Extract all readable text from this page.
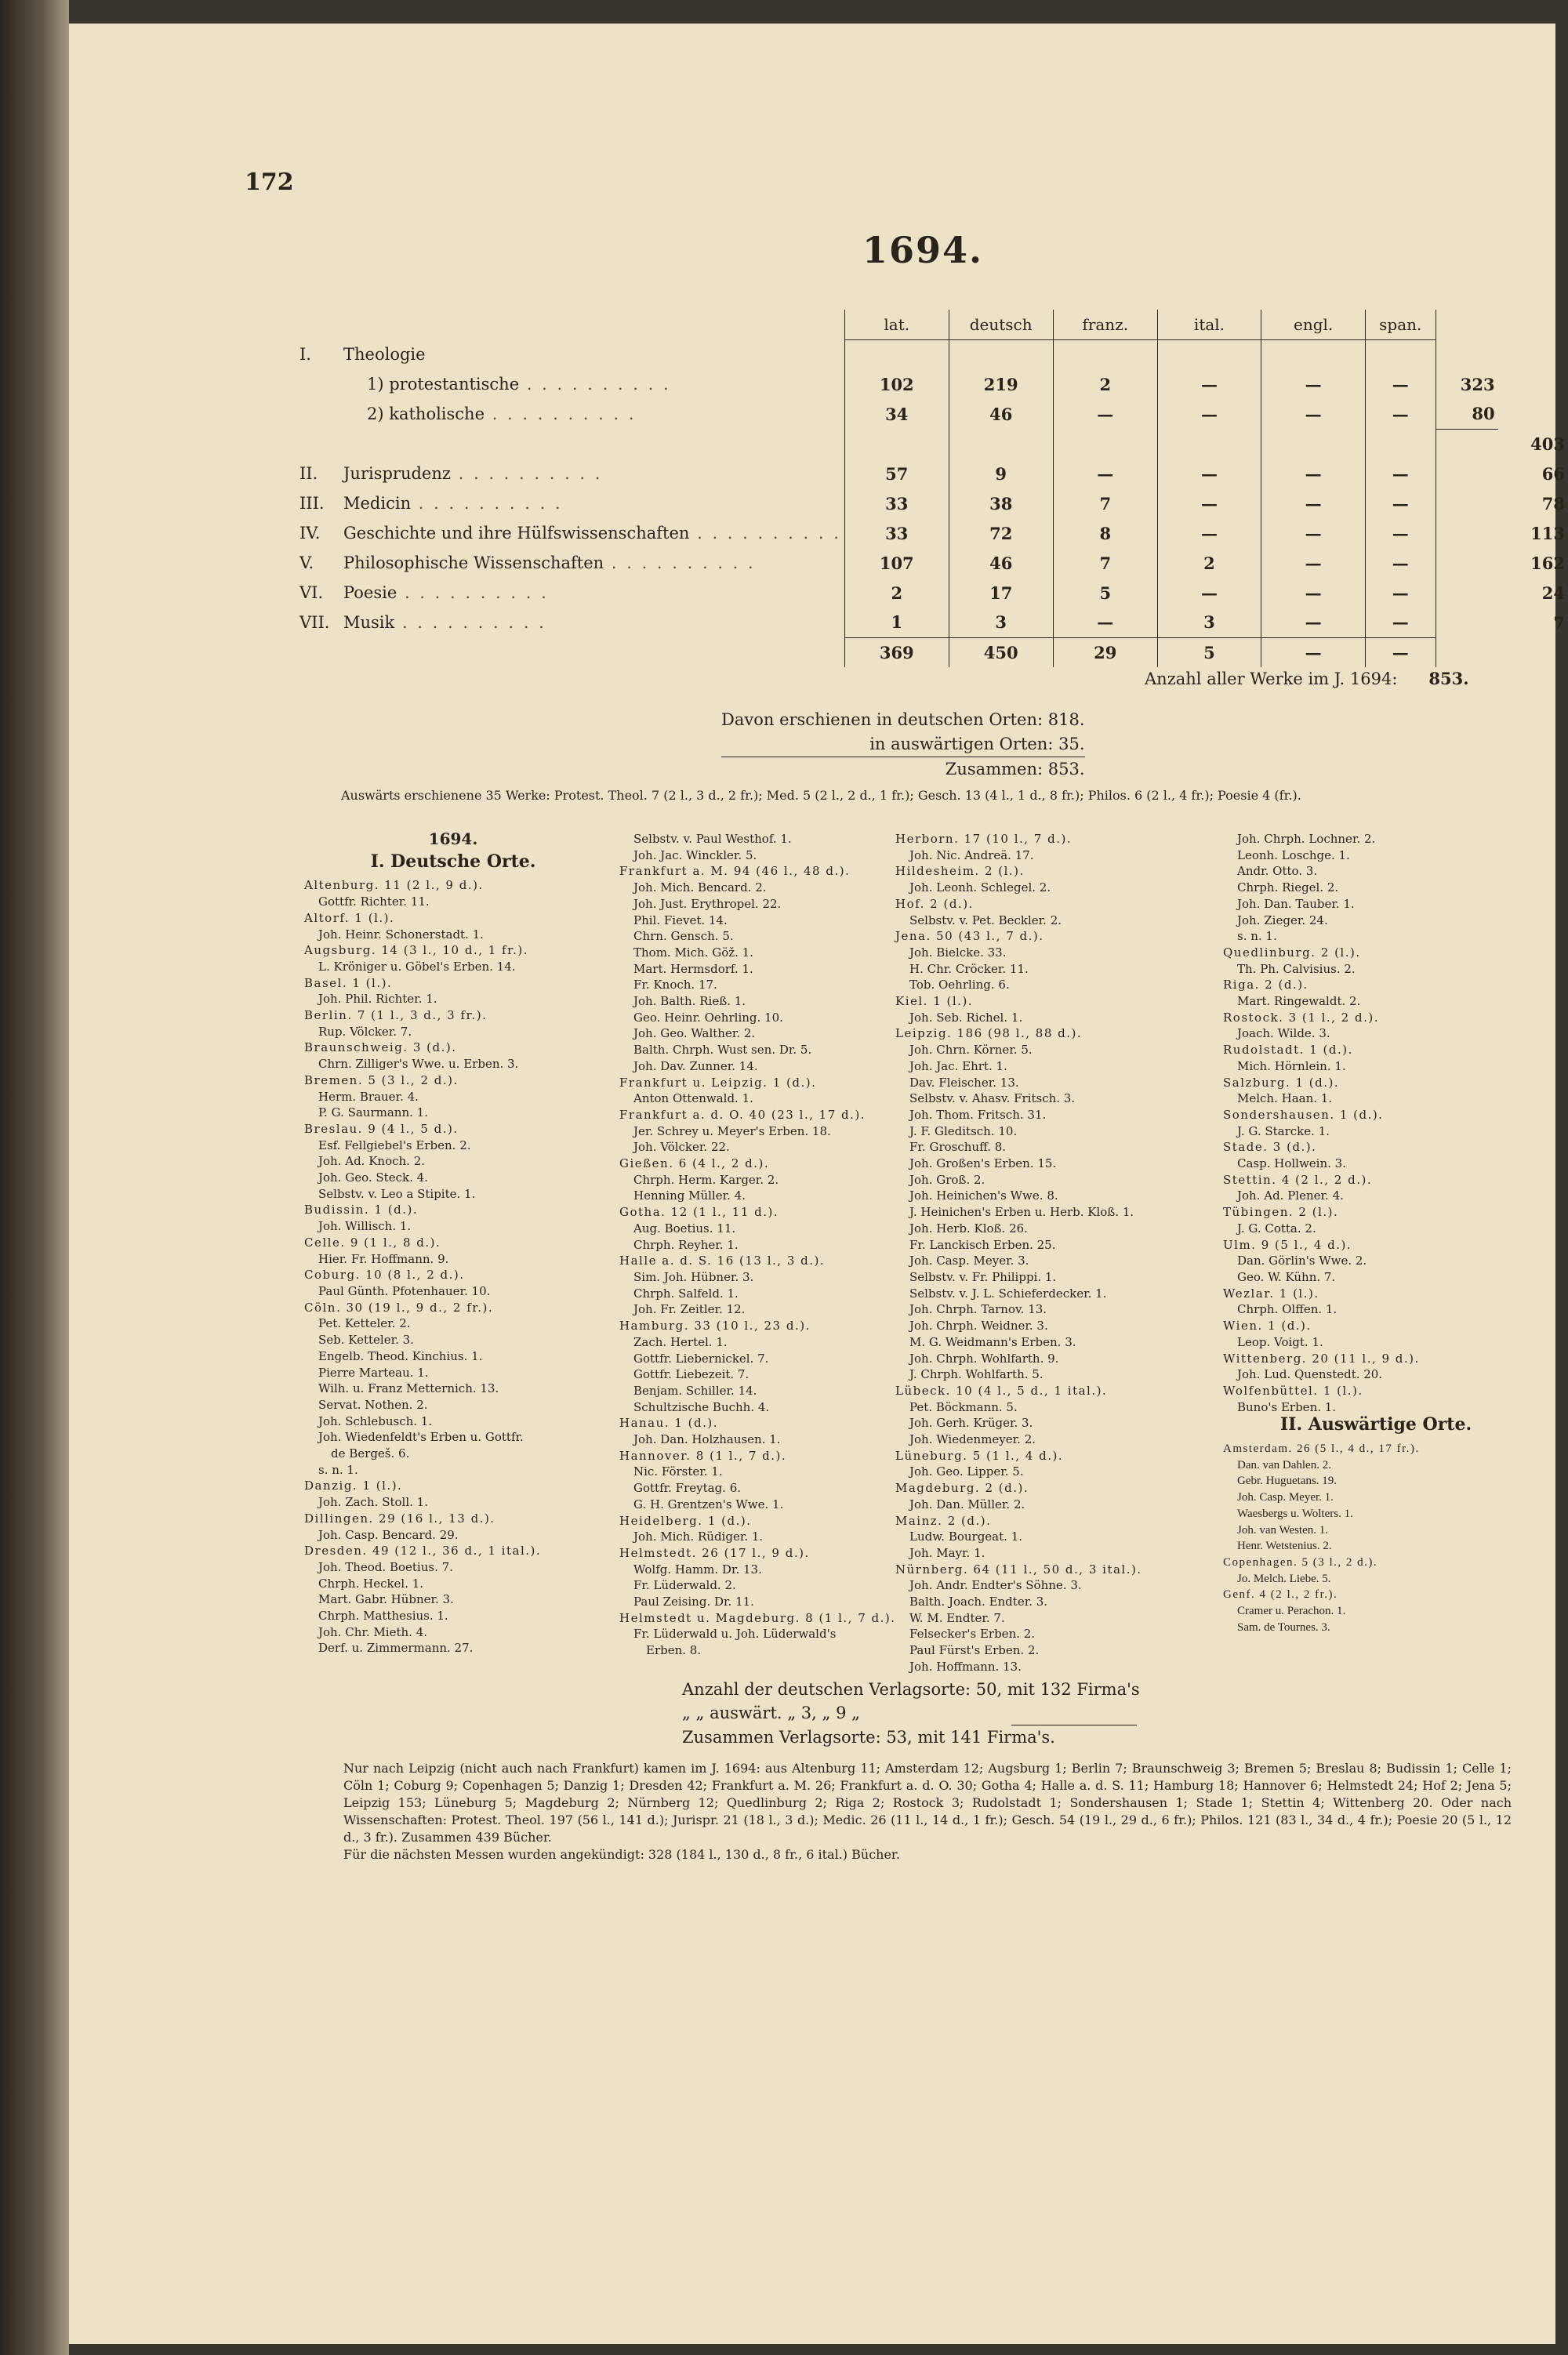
172
1694.
	lat.	deutsch	franz.	ital.	engl.	span.		
I. Theologie								
1) protestantische . . . . . . . . . .	102	219	2	—	—	—	323	
2) katholische . . . . . . . . . .	34	46	—	—	—	—	80	
								403
II. Jurisprudenz . . . . . . . . . .	57	9	—	—	—	—		66
III. Medicin . . . . . . . . . .	33	38	7	—	—	—		78
IV. Geschichte und ihre Hülfswissenschaften . . . . . . . . . .	33	72	8	—	—	—		113
V. Philosophische Wissenschaften . . . . . . . . . .	107	46	7	2	—	—		162
VI. Poesie . . . . . . . . . .	2	17	5	—	—	—		24
VII. Musik . . . . . . . . . .	1	3	—	3	—	—		7
	369	450	29	5	—	—		
Anzahl aller Werke im J. 1694: 853.
Davon erschienen in deutschen Orten: 818.
in auswärtigen Orten: 35.
Zusammen: 853.
Auswärts erschienene 35 Werke: Protest. Theol. 7 (2 l., 3 d., 2 fr.); Med. 5 (2 l., 2 d., 1 fr.); Gesch. 13 (4 l., 1 d., 8 fr.); Philos. 6 (2 l., 4 fr.); Poesie 4 (fr.).
1694.
I. Deutsche Orte.
Altenburg. 11 (2 l., 9 d.).
Gottfr. Richter. 11.
Altorf. 1 (l.).
Joh. Heinr. Schonerstadt. 1.
Augsburg. 14 (3 l., 10 d., 1 fr.).
L. Kröniger u. Göbel's Erben. 14.
Basel. 1 (l.).
Joh. Phil. Richter. 1.
Berlin. 7 (1 l., 3 d., 3 fr.).
Rup. Völcker. 7.
Braunschweig. 3 (d.).
Chrn. Zilliger's Wwe. u. Erben. 3.
Bremen. 5 (3 l., 2 d.).
Herm. Brauer. 4.
P. G. Saurmann. 1.
Breslau. 9 (4 l., 5 d.).
Esf. Fellgiebel's Erben. 2.
Joh. Ad. Knoch. 2.
Joh. Geo. Steck. 4.
Selbstv. v. Leo a Stipite. 1.
Budissin. 1 (d.).
Joh. Willisch. 1.
Celle. 9 (1 l., 8 d.).
Hier. Fr. Hoffmann. 9.
Coburg. 10 (8 l., 2 d.).
Paul Günth. Pfotenhauer. 10.
Cöln. 30 (19 l., 9 d., 2 fr.).
Pet. Ketteler. 2.
Seb. Ketteler. 3.
Engelb. Theod. Kinchius. 1.
Pierre Marteau. 1.
Wilh. u. Franz Metternich. 13.
Servat. Nothen. 2.
Joh. Schlebusch. 1.
Joh. Wiedenfeldt's Erben u. Gottfr.
de Bergeš. 6.
s. n. 1.
Danzig. 1 (l.).
Joh. Zach. Stoll. 1.
Dillingen. 29 (16 l., 13 d.).
Joh. Casp. Bencard. 29.
Dresden. 49 (12 l., 36 d., 1 ital.).
Joh. Theod. Boetius. 7.
Chrph. Heckel. 1.
Mart. Gabr. Hübner. 3.
Chrph. Matthesius. 1.
Joh. Chr. Mieth. 4.
Derf. u. Zimmermann. 27.
Selbstv. v. Paul Westhof. 1.
Joh. Jac. Winckler. 5.
Frankfurt a. M. 94 (46 l., 48 d.).
Joh. Mich. Bencard. 2.
Joh. Just. Erythropel. 22.
Phil. Fievet. 14.
Chrn. Gensch. 5.
Thom. Mich. Göž. 1.
Mart. Hermsdorf. 1.
Fr. Knoch. 17.
Joh. Balth. Rieß. 1.
Geo. Heinr. Oehrling. 10.
Joh. Geo. Walther. 2.
Balth. Chrph. Wust sen. Dr. 5.
Joh. Dav. Zunner. 14.
Frankfurt u. Leipzig. 1 (d.).
Anton Ottenwald. 1.
Frankfurt a. d. O. 40 (23 l., 17 d.).
Jer. Schrey u. Meyer's Erben. 18.
Joh. Völcker. 22.
Gießen. 6 (4 l., 2 d.).
Chrph. Herm. Karger. 2.
Henning Müller. 4.
Gotha. 12 (1 l., 11 d.).
Aug. Boetius. 11.
Chrph. Reyher. 1.
Halle a. d. S. 16 (13 l., 3 d.).
Sim. Joh. Hübner. 3.
Chrph. Salfeld. 1.
Joh. Fr. Zeitler. 12.
Hamburg. 33 (10 l., 23 d.).
Zach. Hertel. 1.
Gottfr. Liebernickel. 7.
Gottfr. Liebezeit. 7.
Benjam. Schiller. 14.
Schultzische Buchh. 4.
Hanau. 1 (d.).
Joh. Dan. Holzhausen. 1.
Hannover. 8 (1 l., 7 d.).
Nic. Förster. 1.
Gottfr. Freytag. 6.
G. H. Grentzen's Wwe. 1.
Heidelberg. 1 (d.).
Joh. Mich. Rüdiger. 1.
Helmstedt. 26 (17 l., 9 d.).
Wolfg. Hamm. Dr. 13.
Fr. Lüderwald. 2.
Paul Zeising. Dr. 11.
Helmstedt u. Magdeburg. 8 (1 l., 7 d.).
Fr. Lüderwald u. Joh. Lüderwald's
Erben. 8.
Herborn. 17 (10 l., 7 d.).
Joh. Nic. Andreä. 17.
Hildesheim. 2 (l.).
Joh. Leonh. Schlegel. 2.
Hof. 2 (d.).
Selbstv. v. Pet. Beckler. 2.
Jena. 50 (43 l., 7 d.).
Joh. Bielcke. 33.
H. Chr. Cröcker. 11.
Tob. Oehrling. 6.
Kiel. 1 (l.).
Joh. Seb. Richel. 1.
Leipzig. 186 (98 l., 88 d.).
Joh. Chrn. Körner. 5.
Joh. Jac. Ehrt. 1.
Dav. Fleischer. 13.
Selbstv. v. Ahasv. Fritsch. 3.
Joh. Thom. Fritsch. 31.
J. F. Gleditsch. 10.
Fr. Groschuff. 8.
Joh. Großen's Erben. 15.
Joh. Groß. 2.
Joh. Heinichen's Wwe. 8.
J. Heinichen's Erben u. Herb. Kloß. 1.
Joh. Herb. Kloß. 26.
Fr. Lanckisch Erben. 25.
Joh. Casp. Meyer. 3.
Selbstv. v. Fr. Philippi. 1.
Selbstv. v. J. L. Schieferdecker. 1.
Joh. Chrph. Tarnov. 13.
Joh. Chrph. Weidner. 3.
M. G. Weidmann's Erben. 3.
Joh. Chrph. Wohlfarth. 9.
J. Chrph. Wohlfarth. 5.
Lübeck. 10 (4 l., 5 d., 1 ital.).
Pet. Böckmann. 5.
Joh. Gerh. Krüger. 3.
Joh. Wiedenmeyer. 2.
Lüneburg. 5 (1 l., 4 d.).
Joh. Geo. Lipper. 5.
Magdeburg. 2 (d.).
Joh. Dan. Müller. 2.
Mainz. 2 (d.).
Ludw. Bourgeat. 1.
Joh. Mayr. 1.
Nürnberg. 64 (11 l., 50 d., 3 ital.).
Joh. Andr. Endter's Söhne. 3.
Balth. Joach. Endter. 3.
W. M. Endter. 7.
Felsecker's Erben. 2.
Paul Fürst's Erben. 2.
Joh. Hoffmann. 13.
Joh. Chrph. Lochner. 2.
Leonh. Loschge. 1.
Andr. Otto. 3.
Chrph. Riegel. 2.
Joh. Dan. Tauber. 1.
Joh. Zieger. 24.
s. n. 1.
Quedlinburg. 2 (l.).
Th. Ph. Calvisius. 2.
Riga. 2 (d.).
Mart. Ringewaldt. 2.
Rostock. 3 (1 l., 2 d.).
Joach. Wilde. 3.
Rudolstadt. 1 (d.).
Mich. Hörnlein. 1.
Salzburg. 1 (d.).
Melch. Haan. 1.
Sondershausen. 1 (d.).
J. G. Starcke. 1.
Stade. 3 (d.).
Casp. Hollwein. 3.
Stettin. 4 (2 l., 2 d.).
Joh. Ad. Plener. 4.
Tübingen. 2 (l.).
J. G. Cotta. 2.
Ulm. 9 (5 l., 4 d.).
Dan. Görlin's Wwe. 2.
Geo. W. Kühn. 7.
Wezlar. 1 (l.).
Chrph. Olffen. 1.
Wien. 1 (d.).
Leop. Voigt. 1.
Wittenberg. 20 (11 l., 9 d.).
Joh. Lud. Quenstedt. 20.
Wolfenbüttel. 1 (l.).
Buno's Erben. 1.
II. Auswärtige Orte.
Amsterdam. 26 (5 l., 4 d., 17 fr.).
Dan. van Dahlen. 2.
Gebr. Huguetans. 19.
Joh. Casp. Meyer. 1.
Waesbergs u. Wolters. 1.
Joh. van Westen. 1.
Henr. Wetstenius. 2.
Copenhagen. 5 (3 l., 2 d.).
Jo. Melch. Liebe. 5.
Genf. 4 (2 l., 2 fr.).
Cramer u. Perachon. 1.
Sam. de Tournes. 3.
Anzahl der deutschen Verlagsorte: 50, mit 132 Firma's
„ „ auswärt. „ 3, „ 9 „
Zusammen Verlagsorte: 53, mit 141 Firma's.

Nur nach Leipzig (nicht auch nach Frankfurt) kamen im J. 1694: aus Altenburg 11; Amsterdam 12; Augsburg 1; Berlin 7; Braunschweig 3; Bremen 5; Breslau 8; Budissin 1; Celle 1; Cöln 1; Coburg 9; Copenhagen 5; Danzig 1; Dresden 42; Frankfurt a. M. 26; Frankfurt a. d. O. 30; Gotha 4; Halle a. d. S. 11; Hamburg 18; Hannover 6; Helmstedt 24; Hof 2; Jena 5; Leipzig 153; Lüneburg 5; Magdeburg 2; Nürnberg 12; Quedlinburg 2; Riga 2; Rostock 3; Rudolstadt 1; Sondershausen 1; Stade 1; Stettin 4; Wittenberg 20. Oder nach Wissenschaften: Protest. Theol. 197 (56 l., 141 d.); Jurispr. 21 (18 l., 3 d.); Medic. 26 (11 l., 14 d., 1 fr.); Gesch. 54 (19 l., 29 d., 6 fr.); Philos. 121 (83 l., 34 d., 4 fr.); Poesie 20 (5 l., 12 d., 3 fr.). Zusammen 439 Bücher.

Für die nächsten Messen wurden angekündigt: 328 (184 l., 130 d., 8 fr., 6 ital.) Bücher.
